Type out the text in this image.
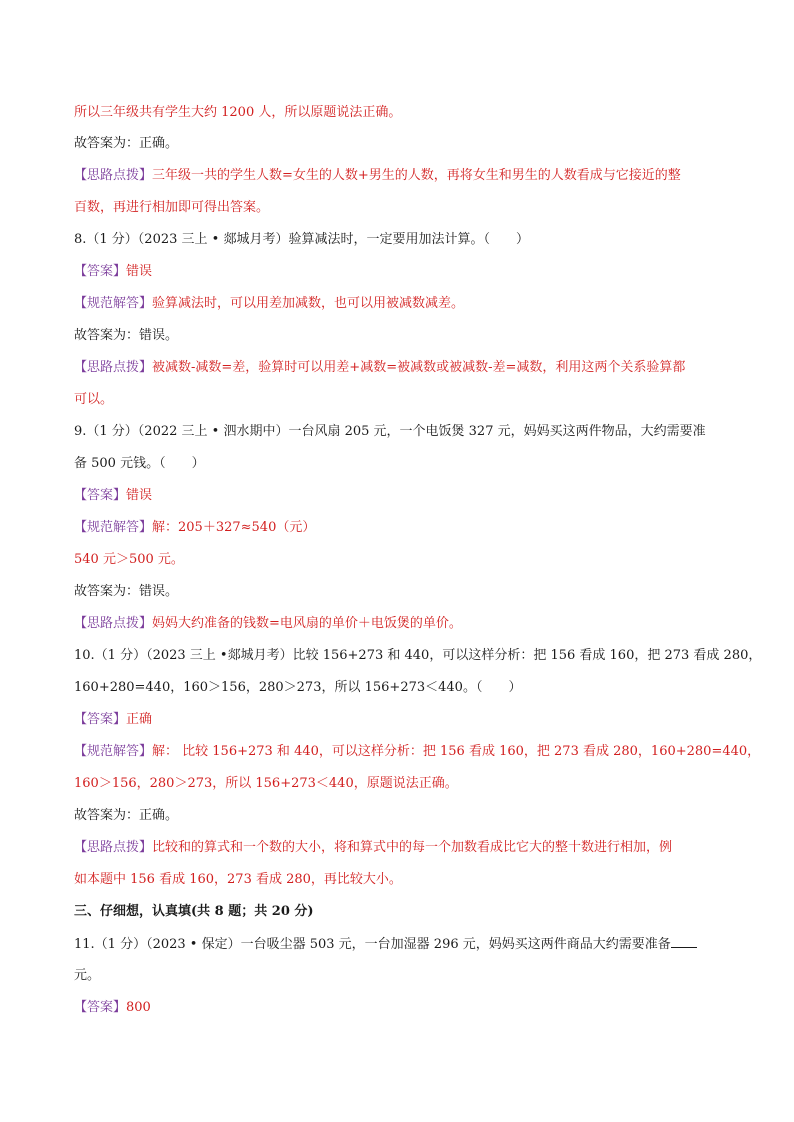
所以三年级共有学生大约 1200 人，所以原题说法正确。
故答案为：正确。
【思路点拨】三年级一共的学生人数=女生的人数+男生的人数，再将女生和男生的人数看成与它接近的整
百数，再进行相加即可得出答案。
8.（1 分）（2023 三上 • 郯城月考）验算减法时，一定要用加法计算。（　　）
【答案】错误
【规范解答】验算减法时，可以用差加减数，也可以用被减数减差。
故答案为：错误。
【思路点拨】被减数-减数=差，验算时可以用差+减数=被减数或被减数-差=减数，利用这两个关系验算都
可以。
9.（1 分）（2022 三上 • 泗水期中）一台风扇 205 元，一个电饭煲 327 元，妈妈买这两件物品，大约需要准
备 500 元钱。（　　）
【答案】错误
【规范解答】解：205＋327≈540（元）
540 元＞500 元。
故答案为：错误。
【思路点拨】妈妈大约准备的钱数=电风扇的单价＋电饭煲的单价。
10.（1 分）（2023 三上 •郯城月考）比较 156+273 和 440，可以这样分析：把 156 看成 160，把 273 看成 280，
160+280=440，160＞156，280＞273，所以 156+273＜440。（　　）
【答案】正确
【规范解答】解： 比较 156+273 和 440，可以这样分析：把 156 看成 160，把 273 看成 280，160+280=440，
160＞156，280＞273，所以 156+273＜440，原题说法正确。
故答案为：正确。
【思路点拨】比较和的算式和一个数的大小，将和算式中的每一个加数看成比它大的整十数进行相加，例
如本题中 156 看成 160，273 看成 280，再比较大小。
三、仔细想，认真填(共 8 题；共 20 分)
11.（1 分）（2023 • 保定）一台吸尘器 503 元，一台加湿器 296 元，妈妈买这两件商品大约需要准备
元。
【答案】800
